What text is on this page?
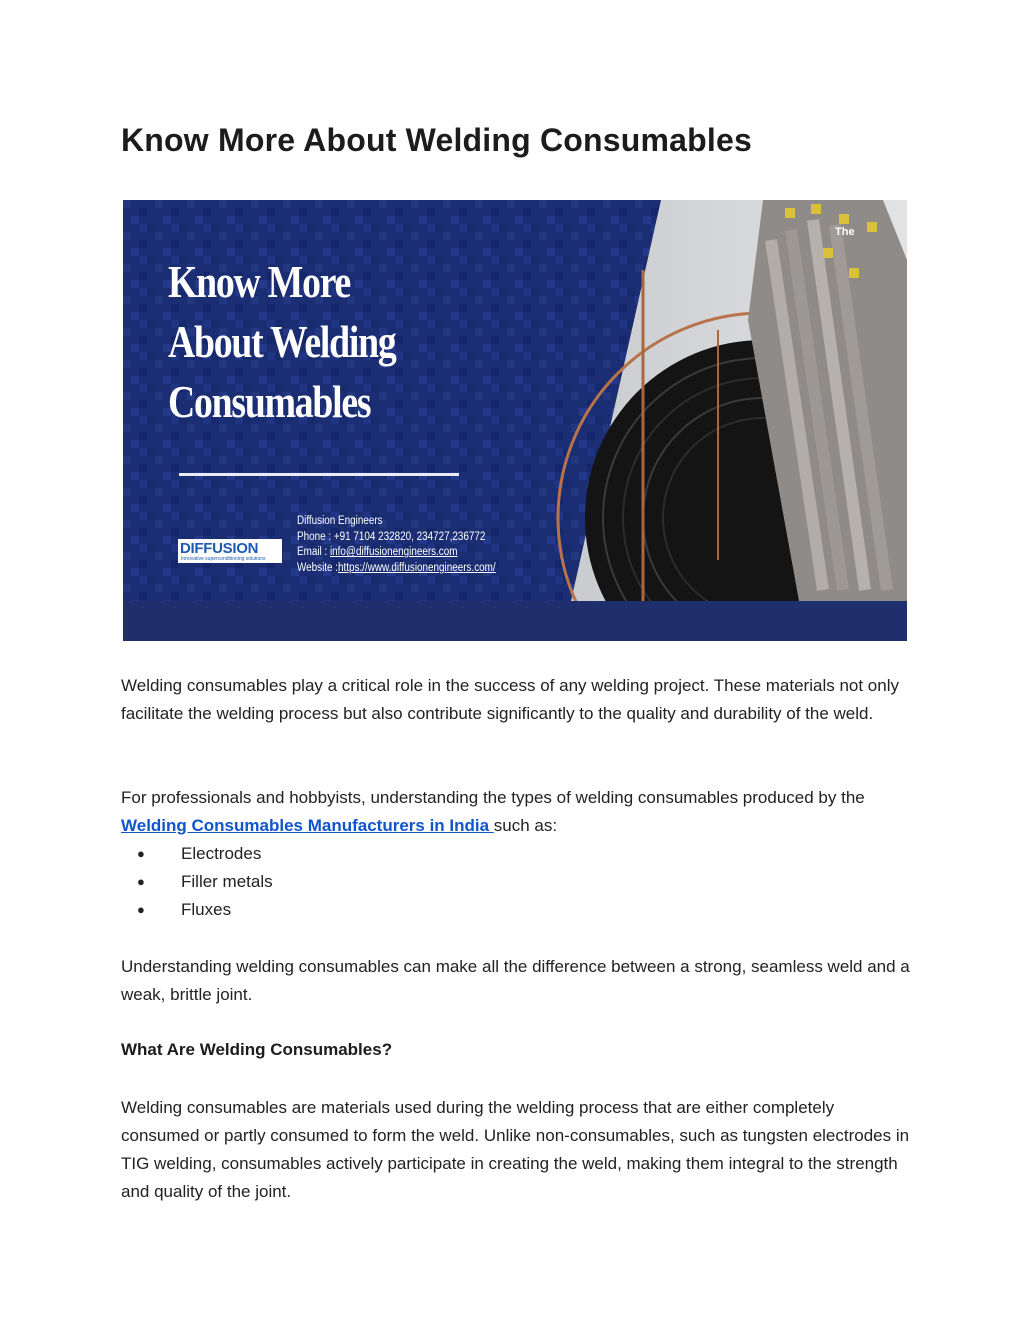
Know More About Welding Consumables
Know More
About Welding
Consumables
DIFFUSION
Innovative superconditioning solutions
Diffusion Engineers
Phone : +91 7104 232820, 234727,236772
Email : info@diffusionengineers.com
Website :https://www.diffusionengineers.com/
The

Welding consumables play a critical role in the success of any welding project. These materials not only facilitate the welding process but also contribute significantly to the quality and durability of the weld.

For professionals and hobbyists, understanding the types of welding consumables produced by the Welding Consumables Manufacturers in India such as:

● Electrodes
● Filler metals
● Fluxes

Understanding welding consumables can make all the difference between a strong, seamless weld and a weak, brittle joint.

What Are Welding Consumables?

Welding consumables are materials used during the welding process that are either completely consumed or partly consumed to form the weld. Unlike non-consumables, such as tungsten electrodes in TIG welding, consumables actively participate in creating the weld, making them integral to the strength and quality of the joint.
